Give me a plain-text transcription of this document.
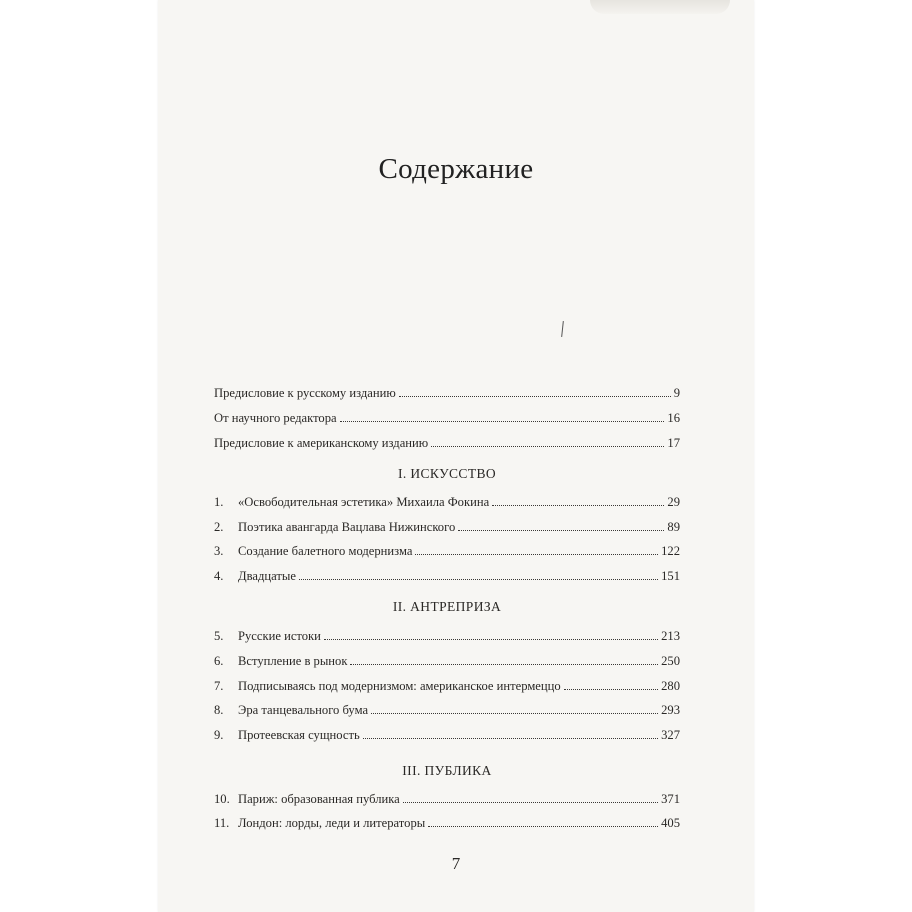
Содержание
Предисловие к русскому изданию	9
От научного редактора	16
Предисловие к американскому изданию	17
I. ИСКУССТВО
1.	«Освободительная эстетика» Михаила Фокина	29
2.	Поэтика авангарда Вацлава Нижинского	89
3.	Создание балетного модернизма	122
4.	Двадцатые	151
II. АНТРЕПРИЗА
5.	Русские истоки	213
6.	Вступление в рынок	250
7.	Подписываясь под модернизмом: американское интермеццо	280
8.	Эра танцевального бума	293
9.	Протеевская сущность	327
III. ПУБЛИКА
10. Париж: образованная публика	371
11. Лондон: лорды, леди и литераторы	405
7
